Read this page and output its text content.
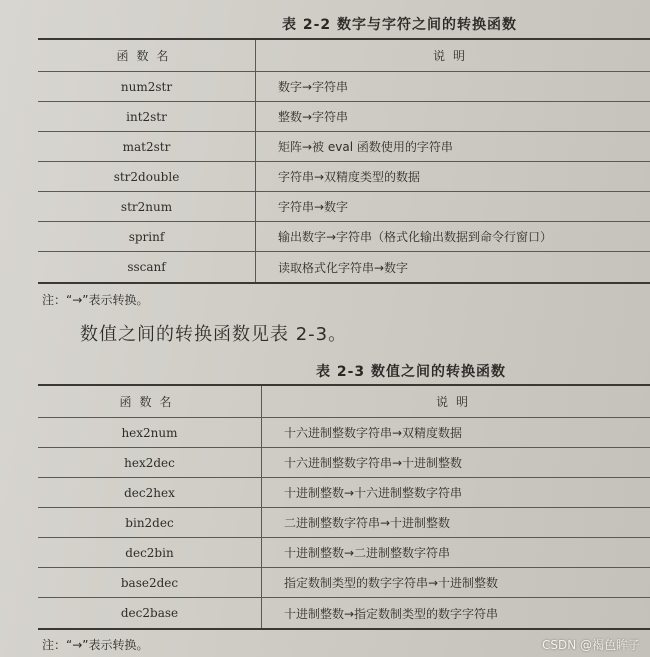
表 2-2 数字与字符之间的转换函数
函数名	说明
num2str	数字→字符串
int2str	整数→字符串
mat2str	矩阵→被 eval 函数使用的字符串
str2double	字符串→双精度类型的数据
str2num	字符串→数字
sprinf	输出数字→字符串（格式化输出数据到命令行窗口）
sscanf	读取格式化字符串→数字
注：“→”表示转换。
数值之间的转换函数见表 2-3。
表 2-3 数值之间的转换函数
函数名	说明
hex2num	十六进制整数字符串→双精度数据
hex2dec	十六进制整数字符串→十进制整数
dec2hex	十进制整数→十六进制整数字符串
bin2dec	二进制整数字符串→十进制整数
dec2bin	十进制整数→二进制整数字符串
base2dec	指定数制类型的数字字符串→十进制整数
dec2base	十进制整数→指定数制类型的数字字符串
注：“→”表示转换。	CSDN @褐色眸子
